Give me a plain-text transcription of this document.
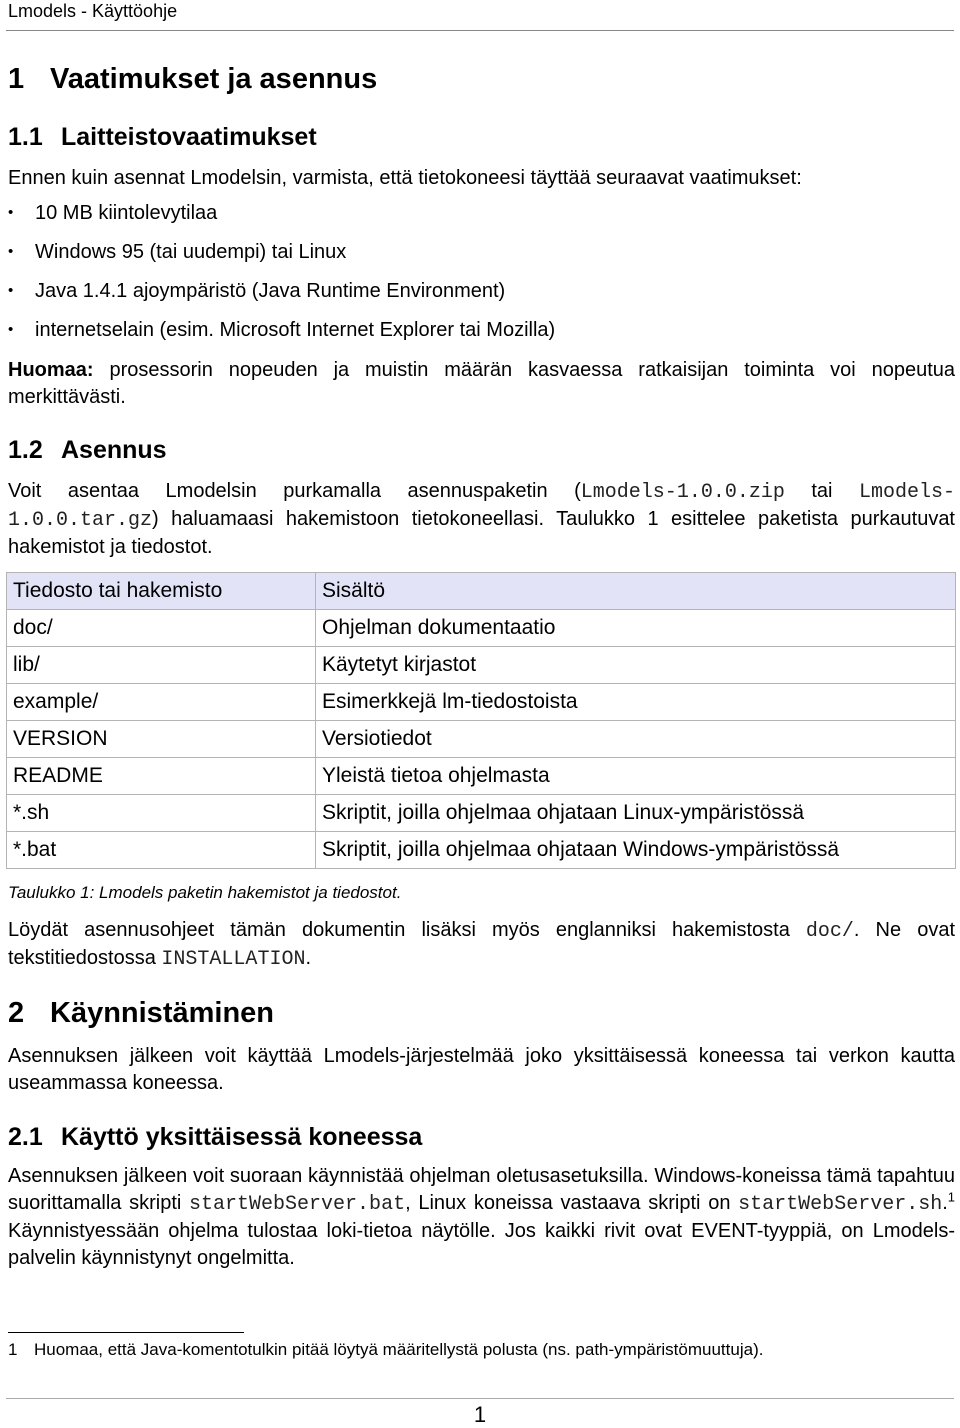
Lmodels - Käyttöohje
1 Vaatimukset ja asennus
1.1 Laitteistovaatimukset
Ennen kuin asennat Lmodelsin, varmista, että tietokoneesi täyttää seuraavat vaatimukset:
• 10 MB kiintolevytilaa
• Windows 95 (tai uudempi) tai Linux
• Java 1.4.1 ajoympäristö (Java Runtime Environment)
• internetselain (esim. Microsoft Internet Explorer tai Mozilla)
Huomaa: prosessorin nopeuden ja muistin määrän kasvaessa ratkaisijan toiminta voi nopeutua merkittävästi.
1.2 Asennus
Voit asentaa Lmodelsin purkamalla asennuspaketin (Lmodels-1.0.0.zip tai Lmodels-1.0.0.tar.gz) haluamaasi hakemistoon tietokoneellasi. Taulukko 1 esittelee paketista purkautuvat hakemistot ja tiedostot.
Tiedosto tai hakemisto	Sisältö
doc/	Ohjelman dokumentaatio
lib/	Käytetyt kirjastot
example/	Esimerkkejä lm-tiedostoista
VERSION	Versiotiedot
README	Yleistä tietoa ohjelmasta
*.sh	Skriptit, joilla ohjelmaa ohjataan Linux-ympäristössä
*.bat	Skriptit, joilla ohjelmaa ohjataan Windows-ympäristössä
Taulukko 1: Lmodels paketin hakemistot ja tiedostot.
Löydät asennusohjeet tämän dokumentin lisäksi myös englanniksi hakemistosta doc/. Ne ovat tekstitiedostossa INSTALLATION.
2 Käynnistäminen
Asennuksen jälkeen voit käyttää Lmodels-järjestelmää joko yksittäisessä koneessa tai verkon kautta useammassa koneessa.
2.1 Käyttö yksittäisessä koneessa
Asennuksen jälkeen voit suoraan käynnistää ohjelman oletusasetuksilla. Windows-koneissa tämä tapahtuu suorittamalla skripti startWebServer.bat, Linux koneissa vastaava skripti on startWebServer.sh.$^1$ Käynnistyessään ohjelma tulostaa loki-tietoa näytölle. Jos kaikki rivit ovat EVENT-tyyppiä, on Lmodels-palvelin käynnistynyt ongelmitta.
1 Huomaa, että Java-komentotulkin pitää löytyä määritellystä polusta (ns. path-ympäristömuuttuja).
1
